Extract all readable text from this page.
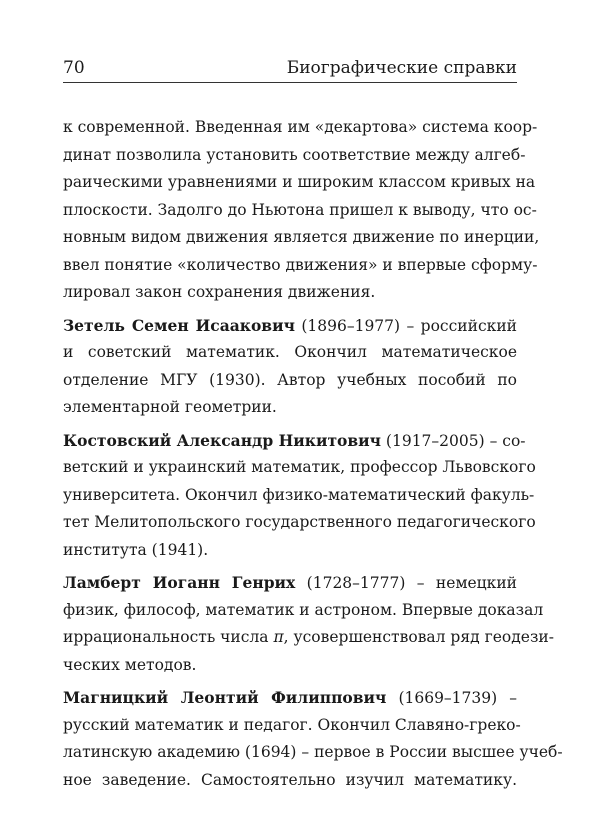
70	Биографические справки
к современной. Введенная им «декартова» система коор-
динат позволила установить соответствие между алгеб-
раическими уравнениями и широким классом кривых на
плоскости. Задолго до Ньютона пришел к выводу, что ос-
новным видом движения является движение по инерции,
ввел понятие «количество движения» и впервые сформу-
лировал закон сохранения движения.
Зетель Семен Исаакович (1896–1977) – российский
и советский математик. Окончил математическое
отделение МГУ (1930). Автор учебных пособий по
элементарной геометрии.
Костовский Александр Никитович (1917–2005) – со-
ветский и украинский математик, профессор Львовского
университета. Окончил физико-математический факуль-
тет Мелитопольского государственного педагогического
института (1941).
Ламберт Иоганн Генрих (1728–1777) – немецкий
физик, философ, математик и астроном. Впервые доказал
иррациональность числа π, усовершенствовал ряд геодези-
ческих методов.
Магницкий Леонтий Филиппович (1669–1739) –
русский математик и педагог. Окончил Славяно-греко-
латинскую академию (1694) – первое в России высшее учеб-
ное заведение. Самостоятельно изучил математику.
